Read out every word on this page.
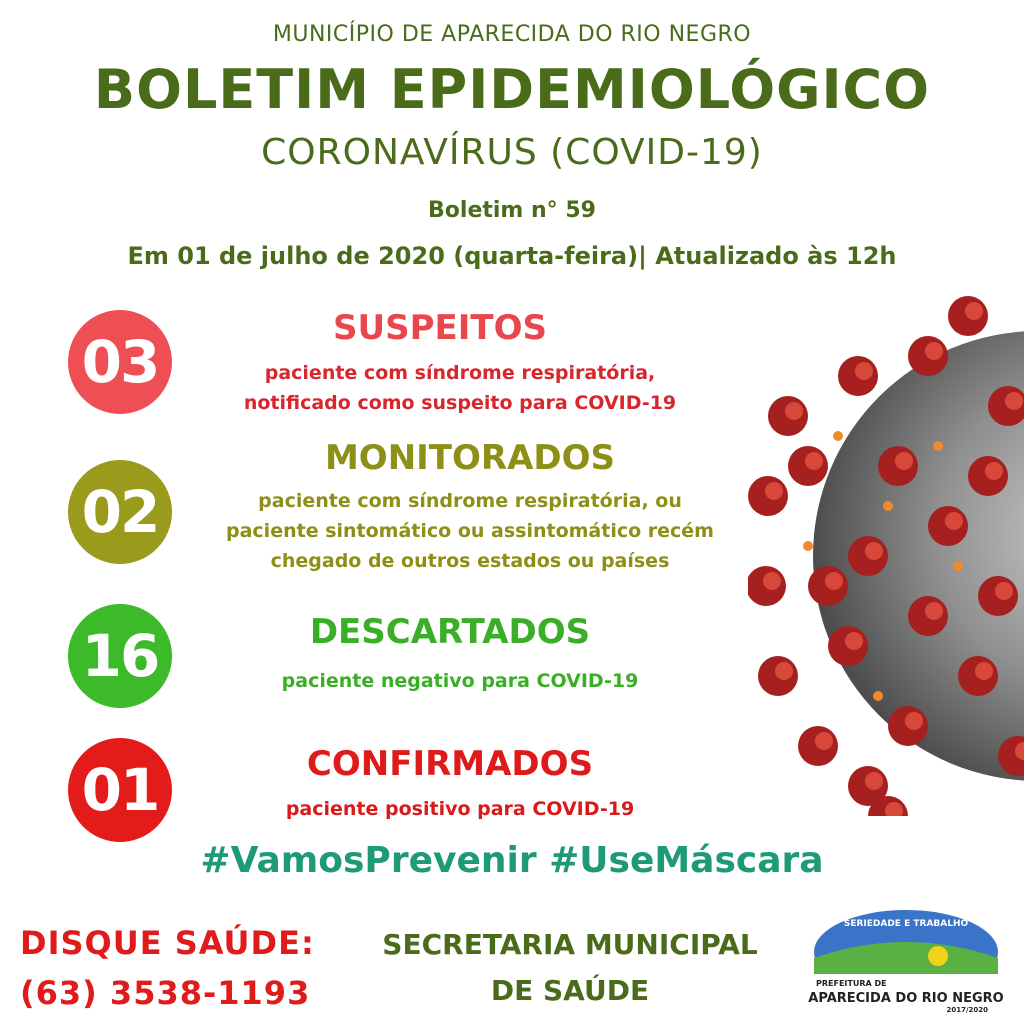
MUNICÍPIO DE APARECIDA DO RIO NEGRO
BOLETIM EPIDEMIOLÓGICO
CORONAVÍRUS (COVID-19)
Boletim n° 59
Em 01 de julho de 2020 (quarta-feira)| Atualizado às 12h
03	SUSPEITOS
paciente com síndrome respiratória,
notificado como suspeito para COVID-19
02
MONITORADOS
paciente com síndrome respiratória, ou
paciente sintomático ou assintomático recém
chegado de outros estados ou países
16	DESCARTADOS
paciente negativo para COVID-19
01	CONFIRMADOS
paciente positivo para COVID-19
#VamosPrevenir #UseMáscara
DISQUE SAÚDE:
(63) 3538-1193
SECRETARIA MUNICIPAL
DE SAÚDE
SERIEDADE E TRABALHO
PREFEITURA DE
APARECIDA DO RIO NEGRO
2017/2020
